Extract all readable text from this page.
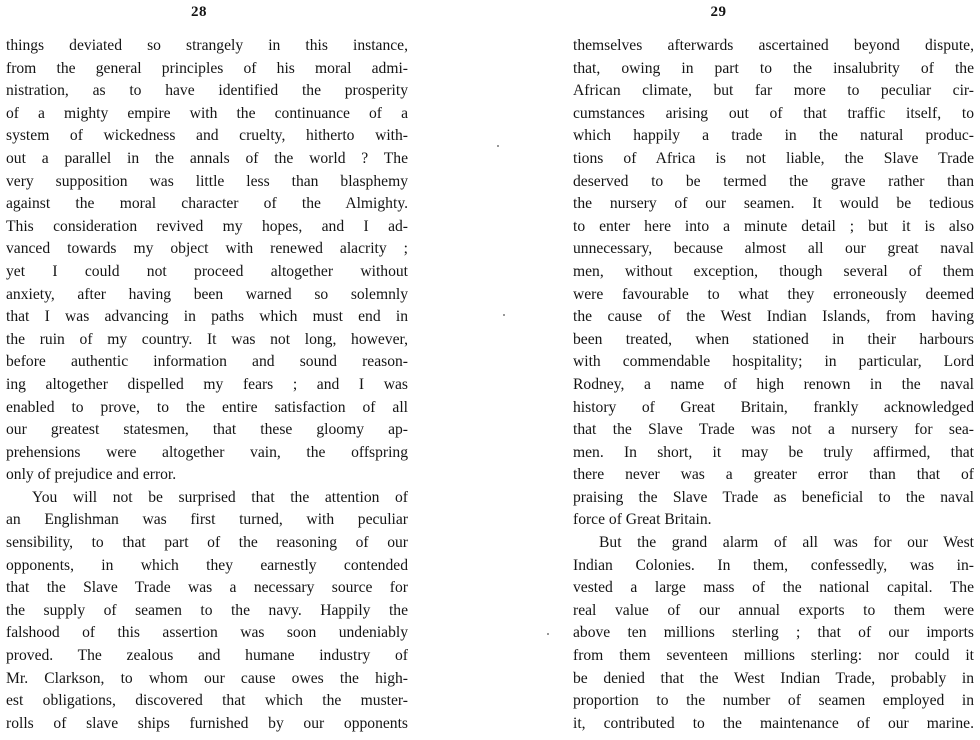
28
things deviated so strangely in this instance,
from the general principles of his moral admi-
nistration, as to have identified the prosperity
of a mighty empire with the continuance of a
system of wickedness and cruelty, hitherto with-
out a parallel in the annals of the world ? The
very supposition was little less than blasphemy
against the moral character of the Almighty.
This consideration revived my hopes, and I ad-
vanced towards my object with renewed alacrity ;
yet I could not proceed altogether without
anxiety, after having been warned so solemnly
that I was advancing in paths which must end in
the ruin of my country. It was not long, however,
before authentic information and sound reason-
ing altogether dispelled my fears ; and I was
enabled to prove, to the entire satisfaction of all
our greatest statesmen, that these gloomy ap-
prehensions were altogether vain, the offspring
only of prejudice and error.
You will not be surprised that the attention of
an Englishman was first turned, with peculiar
sensibility, to that part of the reasoning of our
opponents, in which they earnestly contended
that the Slave Trade was a necessary source for
the supply of seamen to the navy. Happily the
falshood of this assertion was soon undeniably
proved. The zealous and humane industry of
Mr. Clarkson, to whom our cause owes the high-
est obligations, discovered that which the muster-
rolls of slave ships furnished by our opponents
29
themselves afterwards ascertained beyond dispute,
that, owing in part to the insalubrity of the
African climate, but far more to peculiar cir-
cumstances arising out of that traffic itself, to
which happily a trade in the natural produc-
tions of Africa is not liable, the Slave Trade
deserved to be termed the grave rather than
the nursery of our seamen. It would be tedious
to enter here into a minute detail ; but it is also
unnecessary, because almost all our great naval
men, without exception, though several of them
were favourable to what they erroneously deemed
the cause of the West Indian Islands, from having
been treated, when stationed in their harbours
with commendable hospitality; in particular, Lord
Rodney, a name of high renown in the naval
history of Great Britain, frankly acknowledged
that the Slave Trade was not a nursery for sea-
men. In short, it may be truly affirmed, that
there never was a greater error than that of
praising the Slave Trade as beneficial to the naval
force of Great Britain.
But the grand alarm of all was for our West
Indian Colonies. In them, confessedly, was in-
vested a large mass of the national capital. The
real value of our annual exports to them were
above ten millions sterling ; that of our imports
from them seventeen millions sterling: nor could it
be denied that the West Indian Trade, probably in
proportion to the number of seamen employed in
it, contributed to the maintenance of our marine.
